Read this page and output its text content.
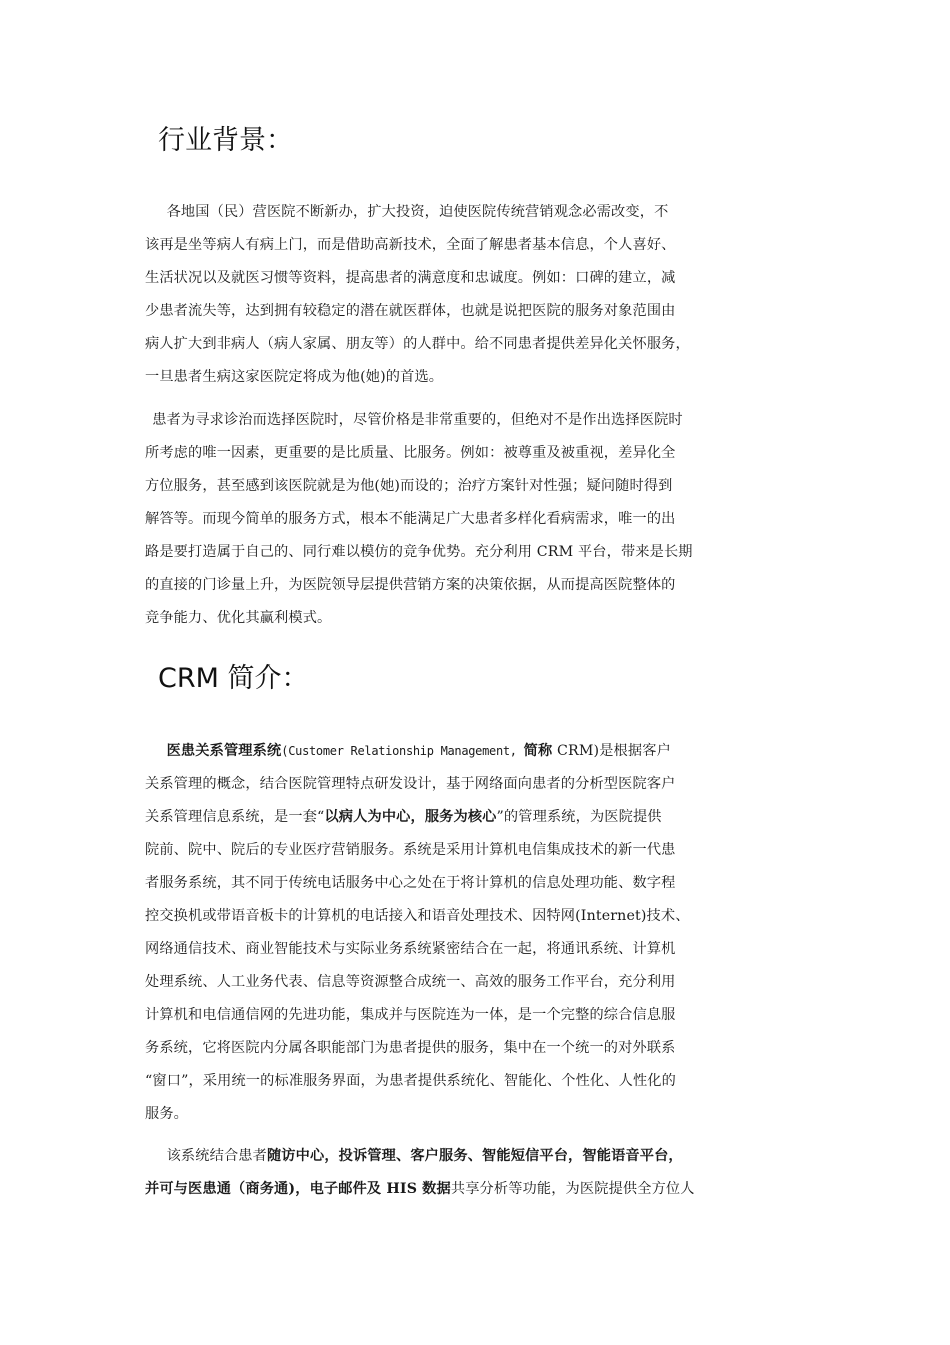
行业背景：
  各地国（民）营医院不断新办，扩大投资，迫使医院传统营销观念必需改变，不
该再是坐等病人有病上门，而是借助高新技术，全面了解患者基本信息，个人喜好、
生活状况以及就医习惯等资料，提高患者的满意度和忠诚度。例如：口碑的建立，减
少患者流失等，达到拥有较稳定的潜在就医群体，也就是说把医院的服务对象范围由
病人扩大到非病人（病人家属、朋友等）的人群中。给不同患者提供差异化关怀服务，
一旦患者生病这家医院定将成为他(她)的首选。
 患者为寻求诊治而选择医院时，尽管价格是非常重要的，但绝对不是作出选择医院时
所考虑的唯一因素，更重要的是比质量、比服务。例如：被尊重及被重视，差异化全
方位服务，甚至感到该医院就是为他(她)而设的；治疗方案针对性强；疑问随时得到
解答等。而现今简单的服务方式，根本不能满足广大患者多样化看病需求，唯一的出
路是要打造属于自己的、同行难以模仿的竞争优势。充分利用 CRM 平台，带来是长期
的直接的门诊量上升，为医院领导层提供营销方案的决策依据，从而提高医院整体的
竞争能力、优化其赢利模式。
CRM 简介：
  医患关系管理系统(Customer Relationship Management, 简称 CRM)是根据客户
关系管理的概念，结合医院管理特点研发设计，基于网络面向患者的分析型医院客户
关系管理信息系统，是一套“以病人为中心，服务为核心”的管理系统，为医院提供
院前、院中、院后的专业医疗营销服务。系统是采用计算机电信集成技术的新一代患
者服务系统，其不同于传统电话服务中心之处在于将计算机的信息处理功能、数字程
控交换机或带语音板卡的计算机的电话接入和语音处理技术、因特网(Internet)技术、
网络通信技术、商业智能技术与实际业务系统紧密结合在一起，将通讯系统、计算机
处理系统、人工业务代表、信息等资源整合成统一、高效的服务工作平台，充分利用
计算机和电信通信网的先进功能，集成并与医院连为一体，是一个完整的综合信息服
务系统，它将医院内分属各职能部门为患者提供的服务，集中在一个统一的对外联系
“窗口”，采用统一的标准服务界面，为患者提供系统化、智能化、个性化、人性化的
服务。
  该系统结合患者随访中心，投诉管理、客户服务、智能短信平台，智能语音平台，
并可与医患通（商务通)，电子邮件及 HIS 数据共享分析等功能，为医院提供全方位人
